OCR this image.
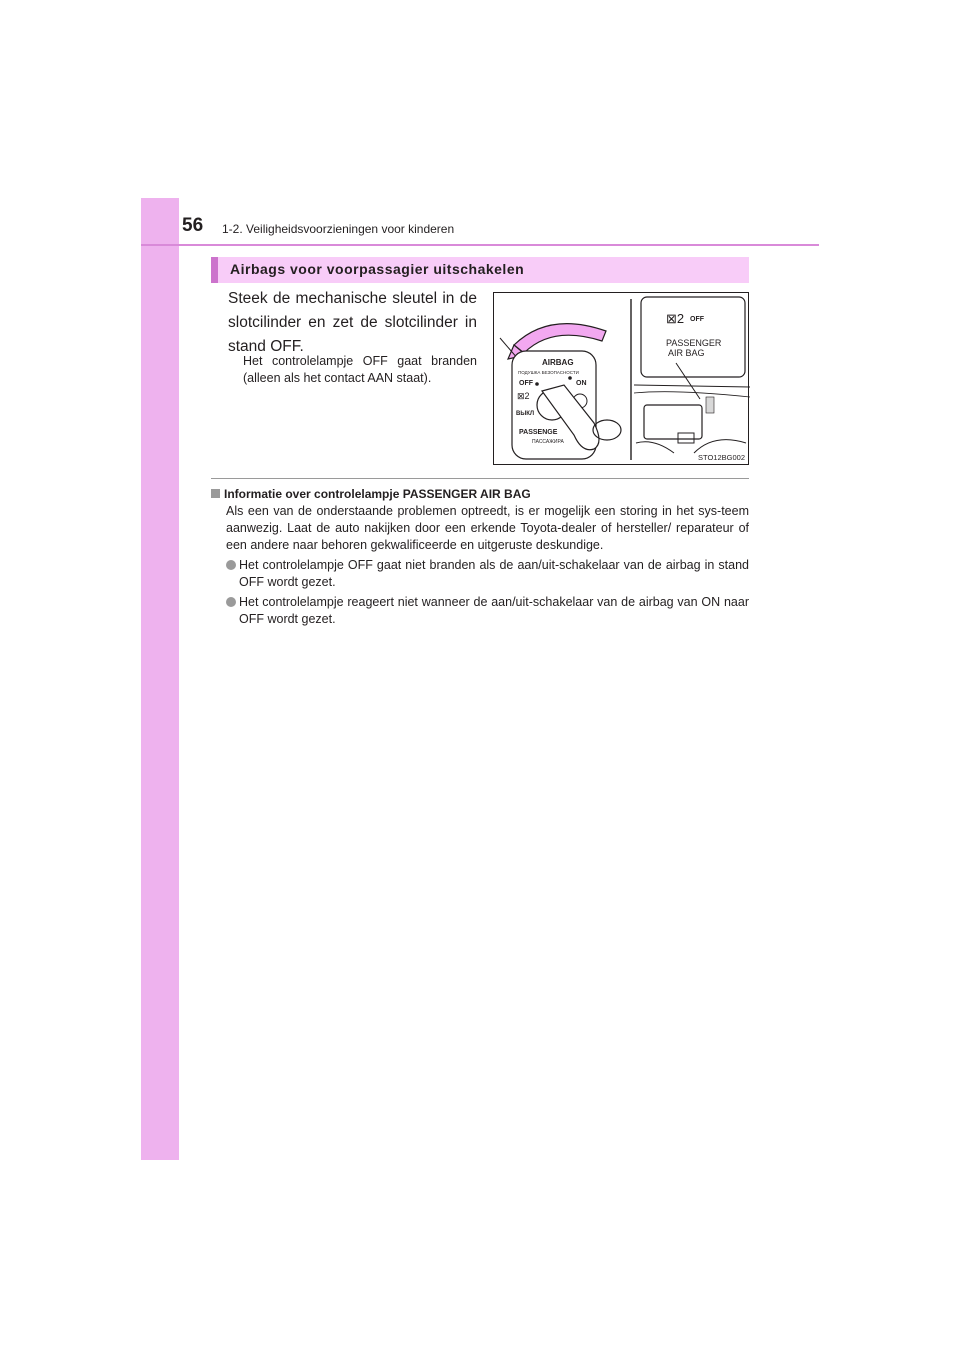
56 1-2. Veiligheidsvoorzieningen voor kinderen
Airbags voor voorpassagier uitschakelen
Steek de mechanische sleutel in de slotcilinder en zet de slotcilinder in stand OFF.
Het controlelampje OFF gaat branden (alleen als het contact AAN staat).
AIRBAG
ПОДУШКА БЕЗОПАСНОСТИ
OFF	ON
⊠2
ВЫКЛ
PASSENGE
ПАССАЖИРА
⊠2 OFF
PASSENGER
AIR BAG
STO12BG002
Informatie over controlelampje PASSENGER AIR BAG
Als een van de onderstaande problemen optreedt, is er mogelijk een storing in het sys-teem aanwezig. Laat de auto nakijken door een erkende Toyota-dealer of hersteller/ reparateur of een andere naar behoren gekwalificeerde en uitgeruste deskundige.
Het controlelampje OFF gaat niet branden als de aan/uit-schakelaar van de airbag in stand OFF wordt gezet.
Het controlelampje reageert niet wanneer de aan/uit-schakelaar van de airbag van ON naar OFF wordt gezet.
